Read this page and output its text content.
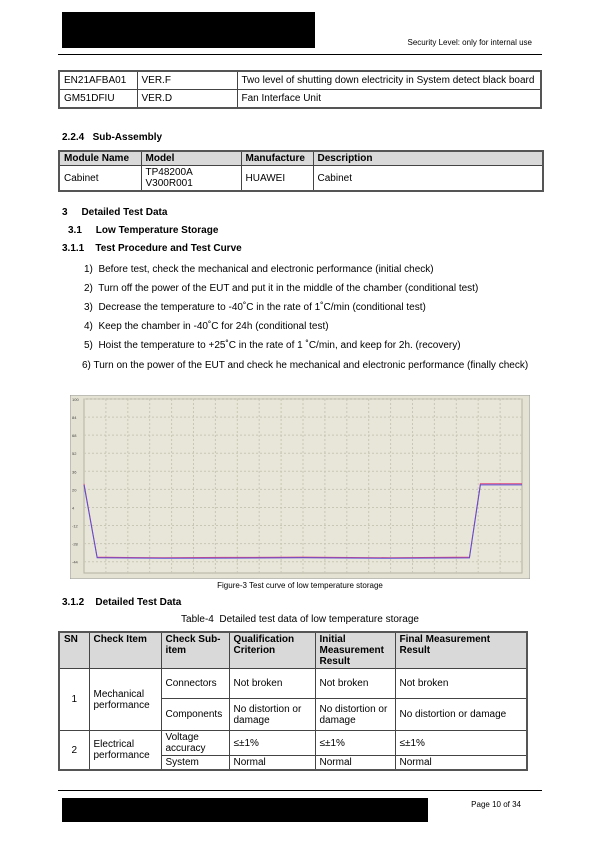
Security Level: only for internal use
EN21AFBA01	VER.F	Two level of shutting down electricity in System detect black board
GM51DFIU	VER.D	Fan Interface Unit
2.2.4   Sub-Assembly
Module Name	Model	Manufacture	Description
Cabinet	TP48200A V300R001	HUAWEI	Cabinet
3     Detailed Test Data
3.1     Low Temperature Storage
3.1.1    Test Procedure and Test Curve
1)  Before test, check the mechanical and electronic performance (initial check)
2)  Turn off the power of the EUT and put it in the middle of the chamber (conditional test)
3)  Decrease the temperature to -40˚C in the rate of 1˚C/min (conditional test)
4)  Keep the chamber in -40˚C for 24h (conditional test)
5)  Hoist the temperature to +25˚C in the rate of 1 ˚C/min, and keep for 2h. (recovery)
6) Turn on the power of the EUT and check he mechanical and electronic performance (finally check)
100
84
68
52
36
20
4
-12
-28
-44
Figure-3 Test curve of low temperature storage
3.1.2    Detailed Test Data
Table-4  Detailed test data of low temperature storage
SN	Check Item	Check Sub-item	Qualification Criterion	Initial Measurement Result	Final Measurement Result
1	Mechanical performance	Connectors	Not broken	Not broken	Not broken
		Components	No distortion or damage	No distortion or damage	No distortion or damage
2	Electrical performance	Voltage accuracy	≤±1%	≤±1%	≤±1%
		System	Normal	Normal	Normal
Page 10 of 34
